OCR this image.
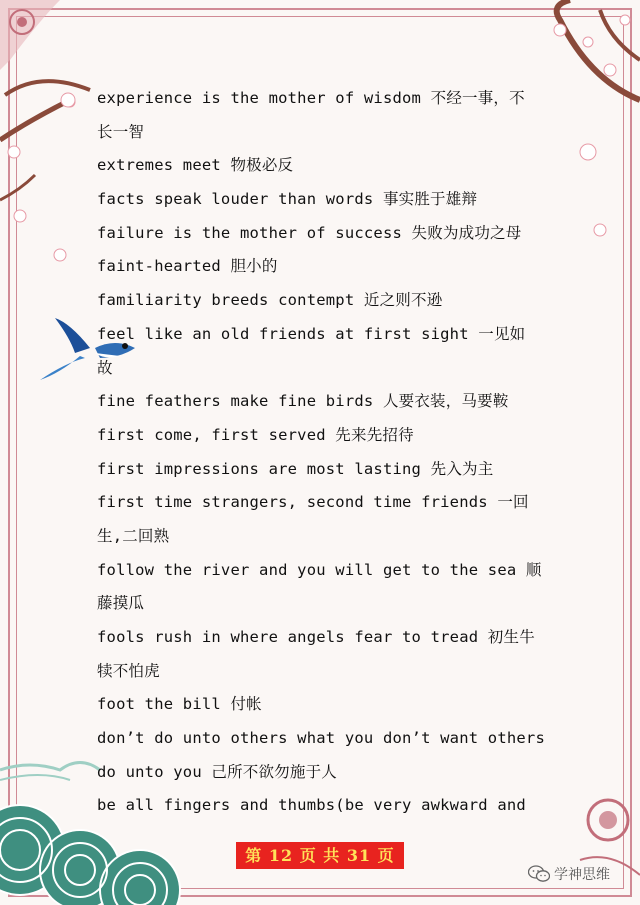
experience is the mother of wisdom 不经一事，不
长一智
extremes meet 物极必反
facts speak louder than words 事实胜于雄辩
failure is the mother of success 失败为成功之母
faint-hearted 胆小的
familiarity breeds contempt 近之则不逊
feel like an old friends at first sight 一见如
故
fine feathers make fine birds 人要衣装，马要鞍
first come, first served 先来先招待
first impressions are most lasting 先入为主
first time strangers, second time friends 一回
生,二回熟
follow the river and you will get to the sea 顺
藤摸瓜
fools rush in where angels fear to tread 初生牛
犊不怕虎
foot the bill 付帐
don’t do unto others what you don’t want others
do unto you 己所不欲勿施于人
be all fingers and thumbs(be very awkward and
第 12 页 共 31 页
学神思维
